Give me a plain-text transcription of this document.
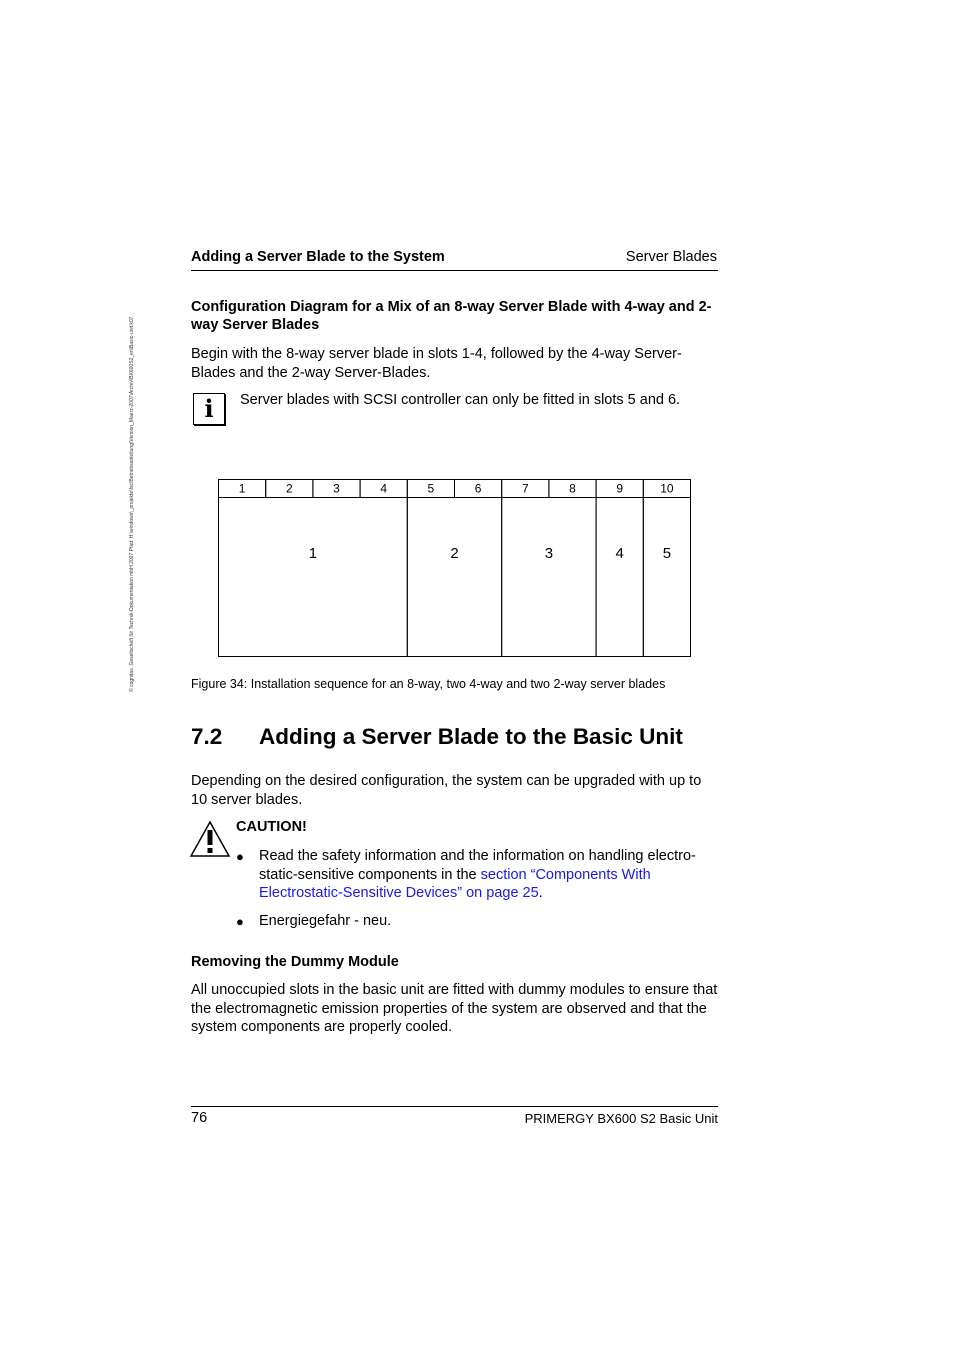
© cognitas. Gesellschaft für Technik-Dokumentation mbH 2007 Pfad: H:\windows\_projekte\fsc\Betriebsanleitung\Version_Maerz-2007\Archiv\BX600S2_en\Basic-unit.k07
Adding a Server Blade to the System	Server Blades
Configuration Diagram for a Mix of an 8-way Server Blade with 4-way and 2-way Server Blades
Begin with the 8-way server blade in slots 1-4, followed by the 4-way Server-Blades and the 2-way Server-Blades.
i	Server blades with SCSI controller can only be fitted in slots 5 and 6.
1	2	3	4	5	6	7	8	9	10
1	2	3	4	5
Figure 34: Installation sequence for an 8-way, two 4-way and two 2-way server blades
7.2 Adding a Server Blade to the Basic Unit
Depending on the desired configuration, the system can be upgraded with up to 10 server blades.
CAUTION!
● Read the safety information and the information on handling electro-static-sensitive components in the section “Components With
Electrostatic-Sensitive Devices” on page 25.
● Energiegefahr - neu.
Removing the Dummy Module
All unoccupied slots in the basic unit are fitted with dummy modules to ensure that the electromagnetic emission properties of the system are observed and that the system components are properly cooled.
76	PRIMERGY BX600 S2 Basic Unit
